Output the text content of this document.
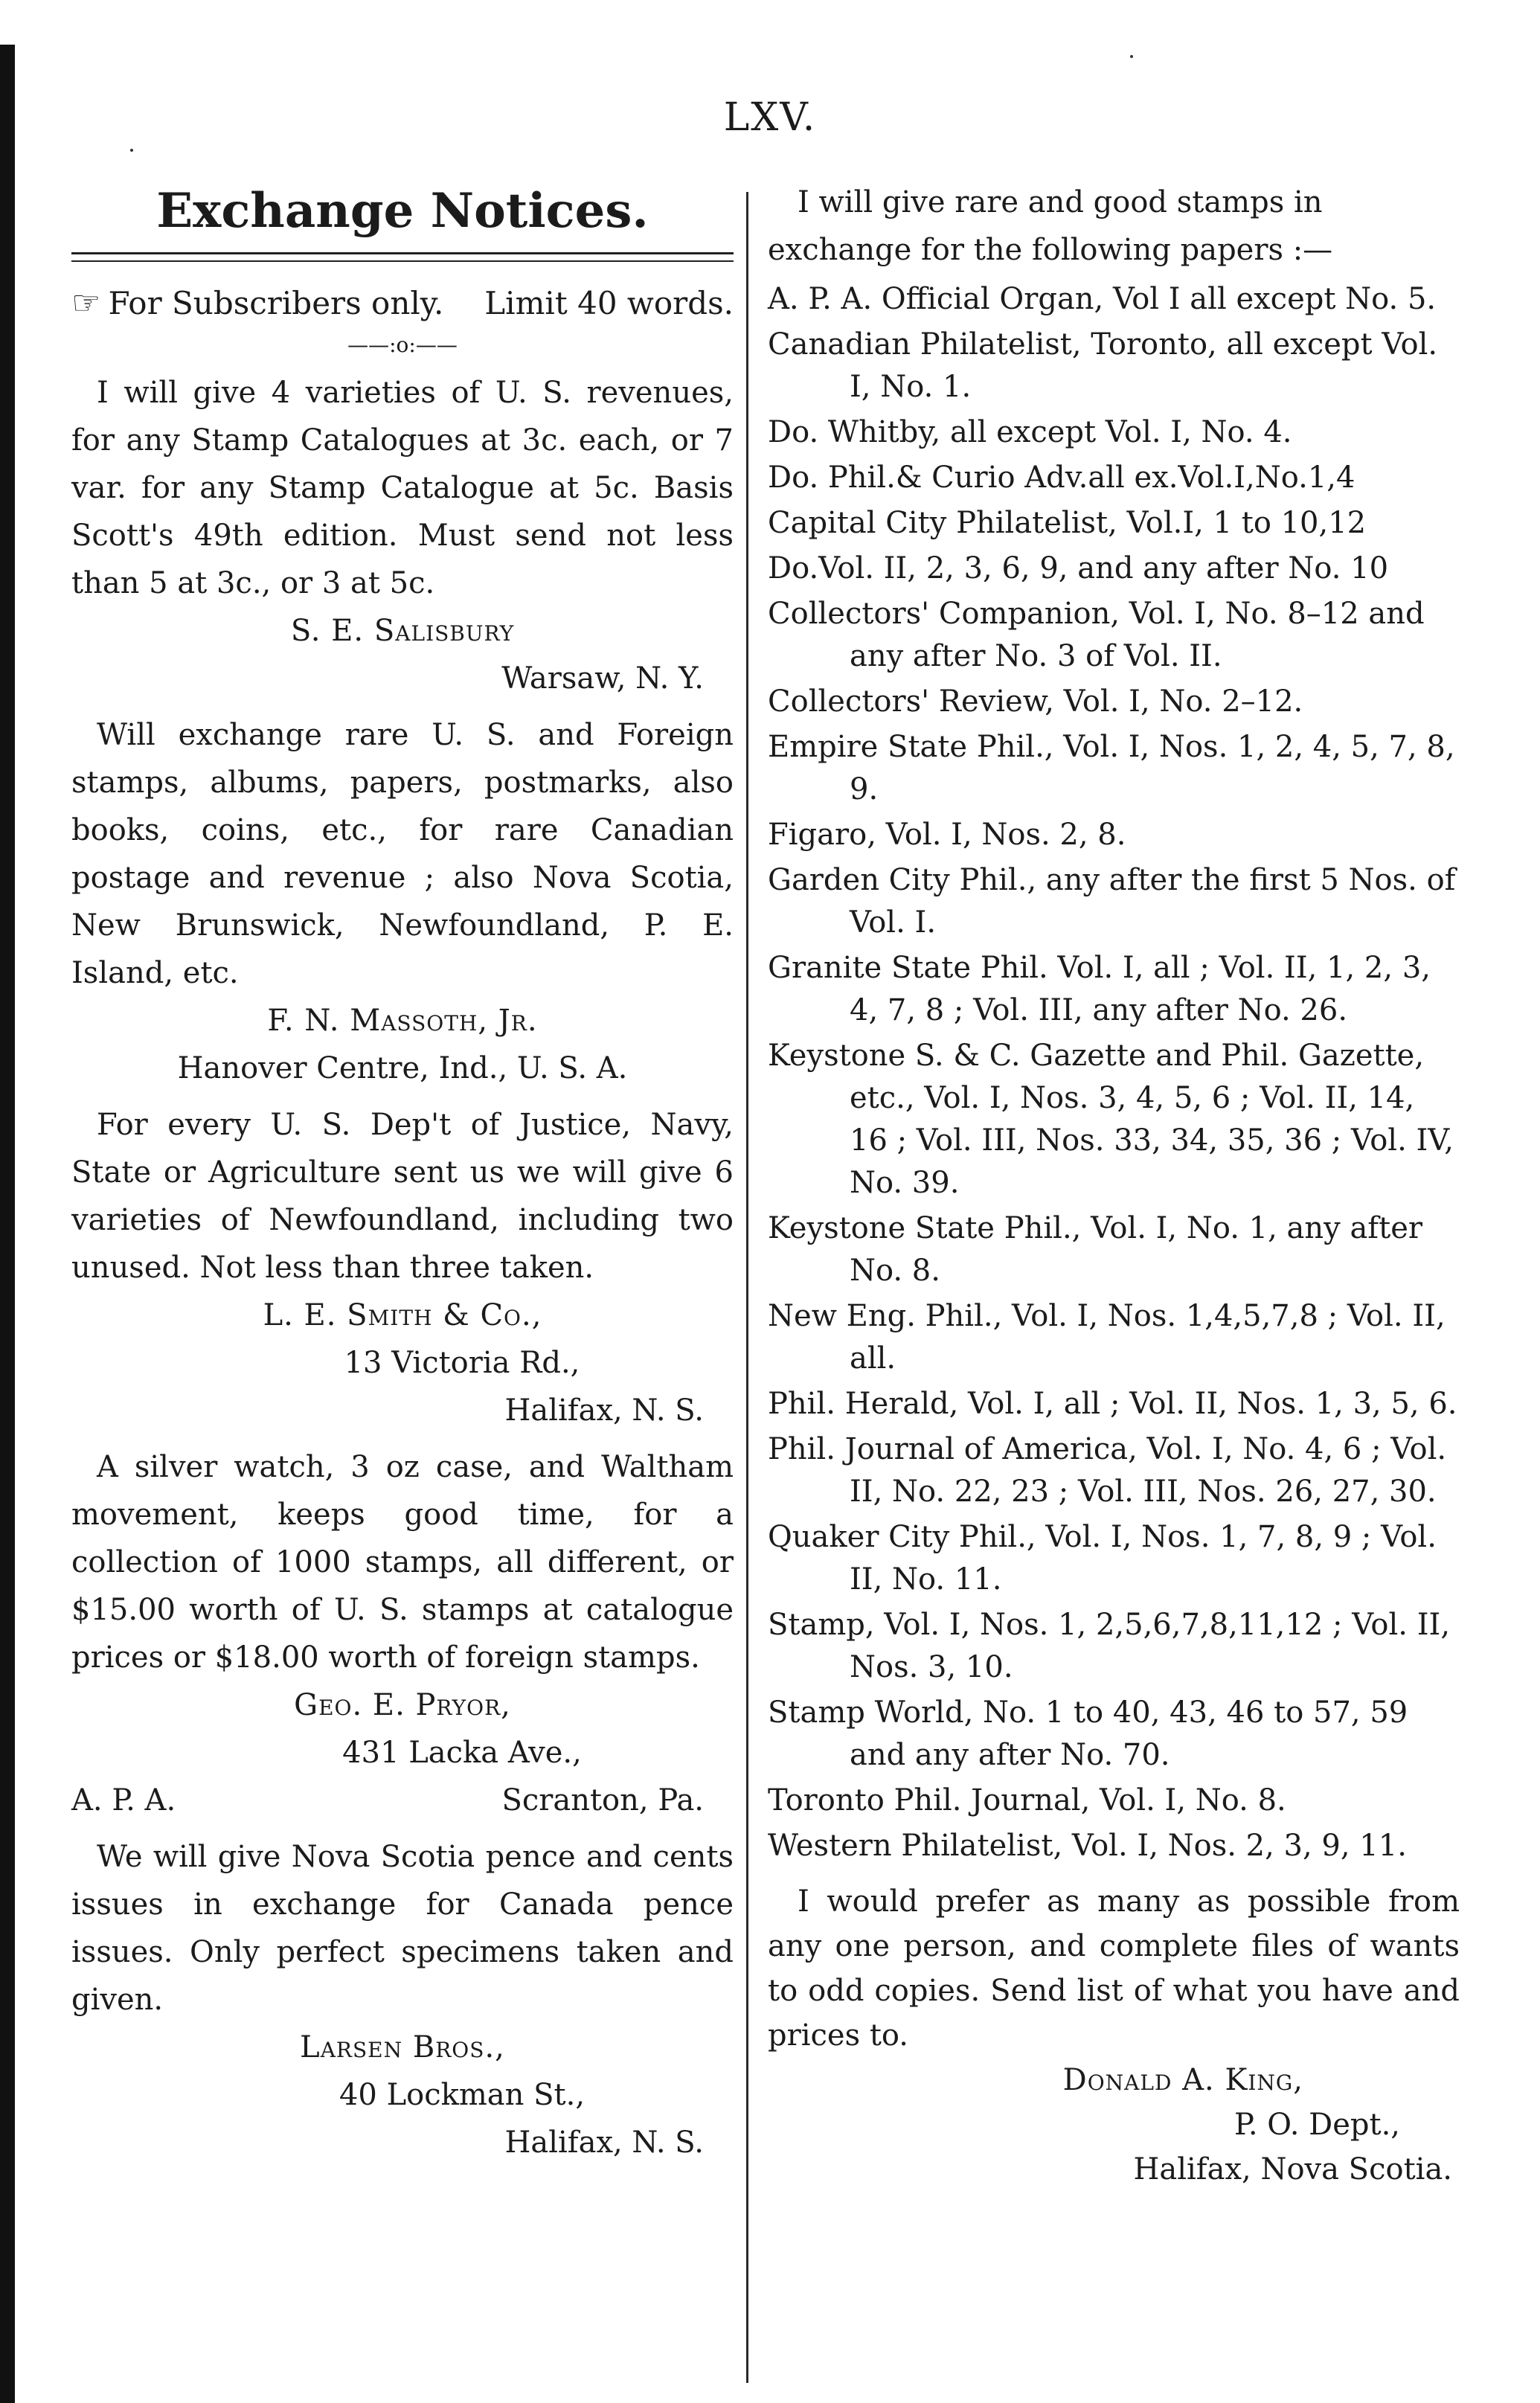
˙
˙
LXV.
Exchange Notices.
☞ For Subscribers only. Limit 40 words.
——:o:——
I will give 4 varieties of U. S. revenues, for any Stamp Catalogues at 3c. each, or 7 var. for any Stamp Catalogue at 5c. Basis Scott's 49th edition. Must send not less than 5 at 3c., or 3 at 5c.
S. E. Salisbury
Warsaw, N. Y.
Will exchange rare U. S. and Foreign stamps, albums, papers, postmarks, also books, coins, etc., for rare Canadian postage and revenue ; also Nova Scotia, New Brunswick, Newfoundland, P. E. Island, etc.
F. N. Massoth, Jr.
Hanover Centre, Ind., U. S. A.
For every U. S. Dep't of Justice, Navy, State or Agriculture sent us we will give 6 varieties of Newfoundland, including two unused. Not less than three taken.
L. E. Smith & Co.,
13 Victoria Rd.,
Halifax, N. S.
A silver watch, 3 oz case, and Waltham movement, keeps good time, for a collection of 1000 stamps, all different, or $15.00 worth of U. S. stamps at catalogue prices or $18.00 worth of foreign stamps.
Geo. E. Pryor,
431 Lacka Ave.,
A. P. A.	Scranton, Pa.
We will give Nova Scotia pence and cents issues in exchange for Canada pence issues. Only perfect specimens taken and given.
Larsen Bros.,
40 Lockman St.,
Halifax, N. S.
I will give rare and good stamps in exchange for the following papers :—
A. P. A. Official Organ, Vol I all except No. 5.
Canadian Philatelist, Toronto, all except Vol. I, No. 1.
Do. Whitby, all except Vol. I, No. 4.
Do. Phil.& Curio Adv.all ex.Vol.I,No.1,4
Capital City Philatelist, Vol.I, 1 to 10,12
Do.Vol. II, 2, 3, 6, 9, and any after No. 10
Collectors' Companion, Vol. I, No. 8–12 and any after No. 3 of Vol. II.
Collectors' Review, Vol. I, No. 2–12.
Empire State Phil., Vol. I, Nos. 1, 2, 4, 5, 7, 8, 9.
Figaro, Vol. I, Nos. 2, 8.
Garden City Phil., any after the first 5 Nos. of Vol. I.
Granite State Phil. Vol. I, all ; Vol. II, 1, 2, 3, 4, 7, 8 ; Vol. III, any after No. 26.
Keystone S. & C. Gazette and Phil. Gazette, etc., Vol. I, Nos. 3, 4, 5, 6 ; Vol. II, 14, 16 ; Vol. III, Nos. 33, 34, 35, 36 ; Vol. IV, No. 39.
Keystone State Phil., Vol. I, No. 1, any after No. 8.
New Eng. Phil., Vol. I, Nos. 1,4,5,7,8 ; Vol. II, all.
Phil. Herald, Vol. I, all ; Vol. II, Nos. 1, 3, 5, 6.
Phil. Journal of America, Vol. I, No. 4, 6 ; Vol. II, No. 22, 23 ; Vol. III, Nos. 26, 27, 30.
Quaker City Phil., Vol. I, Nos. 1, 7, 8, 9 ; Vol. II, No. 11.
Stamp, Vol. I, Nos. 1, 2,5,6,7,8,11,12 ; Vol. II, Nos. 3, 10.
Stamp World, No. 1 to 40, 43, 46 to 57, 59 and any after No. 70.
Toronto Phil. Journal, Vol. I, No. 8.
Western Philatelist, Vol. I, Nos. 2, 3, 9, 11.
I would prefer as many as possible from any one person, and complete files of wants to odd copies. Send list of what you have and prices to.
Donald A. King,
P. O. Dept.,
Halifax, Nova Scotia.
